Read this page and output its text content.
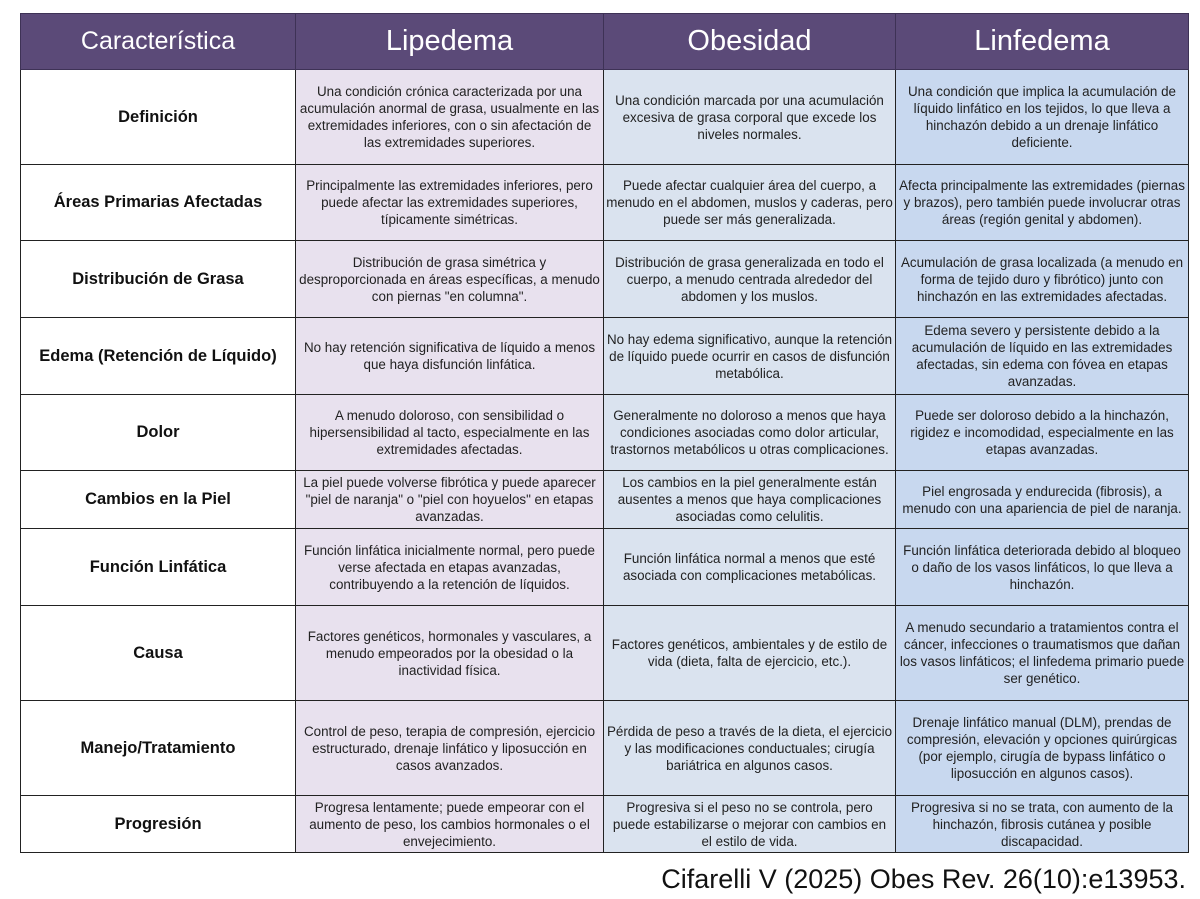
Característica	Lipedema	Obesidad	Linfedema
Definición	Una condición crónica caracterizada por una acumulación anormal de grasa, usualmente en las extremidades inferiores, con o sin afectación de las extremidades superiores.	Una condición marcada por una acumulación excesiva de grasa corporal que excede los niveles normales.	Una condición que implica la acumulación de líquido linfático en los tejidos, lo que lleva a hinchazón debido a un drenaje linfático deficiente.
Áreas Primarias Afectadas	Principalmente las extremidades inferiores, pero puede afectar las extremidades superiores, típicamente simétricas.	Puede afectar cualquier área del cuerpo, a menudo en el abdomen, muslos y caderas, pero puede ser más generalizada.	Afecta principalmente las extremidades (piernas y brazos), pero también puede involucrar otras áreas (región genital y abdomen).
Distribución de Grasa	Distribución de grasa simétrica y desproporcionada en áreas específicas, a menudo con piernas "en columna".	Distribución de grasa generalizada en todo el cuerpo, a menudo centrada alrededor del abdomen y los muslos.	Acumulación de grasa localizada (a menudo en forma de tejido duro y fibrótico) junto con hinchazón en las extremidades afectadas.
Edema (Retención de Líquido)	No hay retención significativa de líquido a menos que haya disfunción linfática.	No hay edema significativo, aunque la retención de líquido puede ocurrir en casos de disfunción metabólica.	Edema severo y persistente debido a la acumulación de líquido en las extremidades afectadas, sin edema con fóvea en etapas avanzadas.
Dolor	A menudo doloroso, con sensibilidad o hipersensibilidad al tacto, especialmente en las extremidades afectadas.	Generalmente no doloroso a menos que haya condiciones asociadas como dolor articular, trastornos metabólicos u otras complicaciones.	Puede ser doloroso debido a la hinchazón, rigidez e incomodidad, especialmente en las etapas avanzadas.
Cambios en la Piel	La piel puede volverse fibrótica y puede aparecer "piel de naranja" o "piel con hoyuelos" en etapas avanzadas.	Los cambios en la piel generalmente están ausentes a menos que haya complicaciones asociadas como celulitis.	Piel engrosada y endurecida (fibrosis), a menudo con una apariencia de piel de naranja.
Función Linfática	Función linfática inicialmente normal, pero puede verse afectada en etapas avanzadas, contribuyendo a la retención de líquidos.	Función linfática normal a menos que esté asociada con complicaciones metabólicas.	Función linfática deteriorada debido al bloqueo o daño de los vasos linfáticos, lo que lleva a hinchazón.
Causa	Factores genéticos, hormonales y vasculares, a menudo empeorados por la obesidad o la inactividad física.	Factores genéticos, ambientales y de estilo de vida (dieta, falta de ejercicio, etc.).	A menudo secundario a tratamientos contra el cáncer, infecciones o traumatismos que dañan los vasos linfáticos; el linfedema primario puede ser genético.
Manejo/Tratamiento	Control de peso, terapia de compresión, ejercicio estructurado, drenaje linfático y liposucción en casos avanzados.	Pérdida de peso a través de la dieta, el ejercicio y las modificaciones conductuales; cirugía bariátrica en algunos casos.	Drenaje linfático manual (DLM), prendas de compresión, elevación y opciones quirúrgicas (por ejemplo, cirugía de bypass linfático o liposucción en algunos casos).
Progresión	Progresa lentamente; puede empeorar con el aumento de peso, los cambios hormonales o el envejecimiento.	Progresiva si el peso no se controla, pero puede estabilizarse o mejorar con cambios en el estilo de vida.	Progresiva si no se trata, con aumento de la hinchazón, fibrosis cutánea y posible discapacidad.
Cifarelli V (2025) Obes Rev. 26(10):e13953.
